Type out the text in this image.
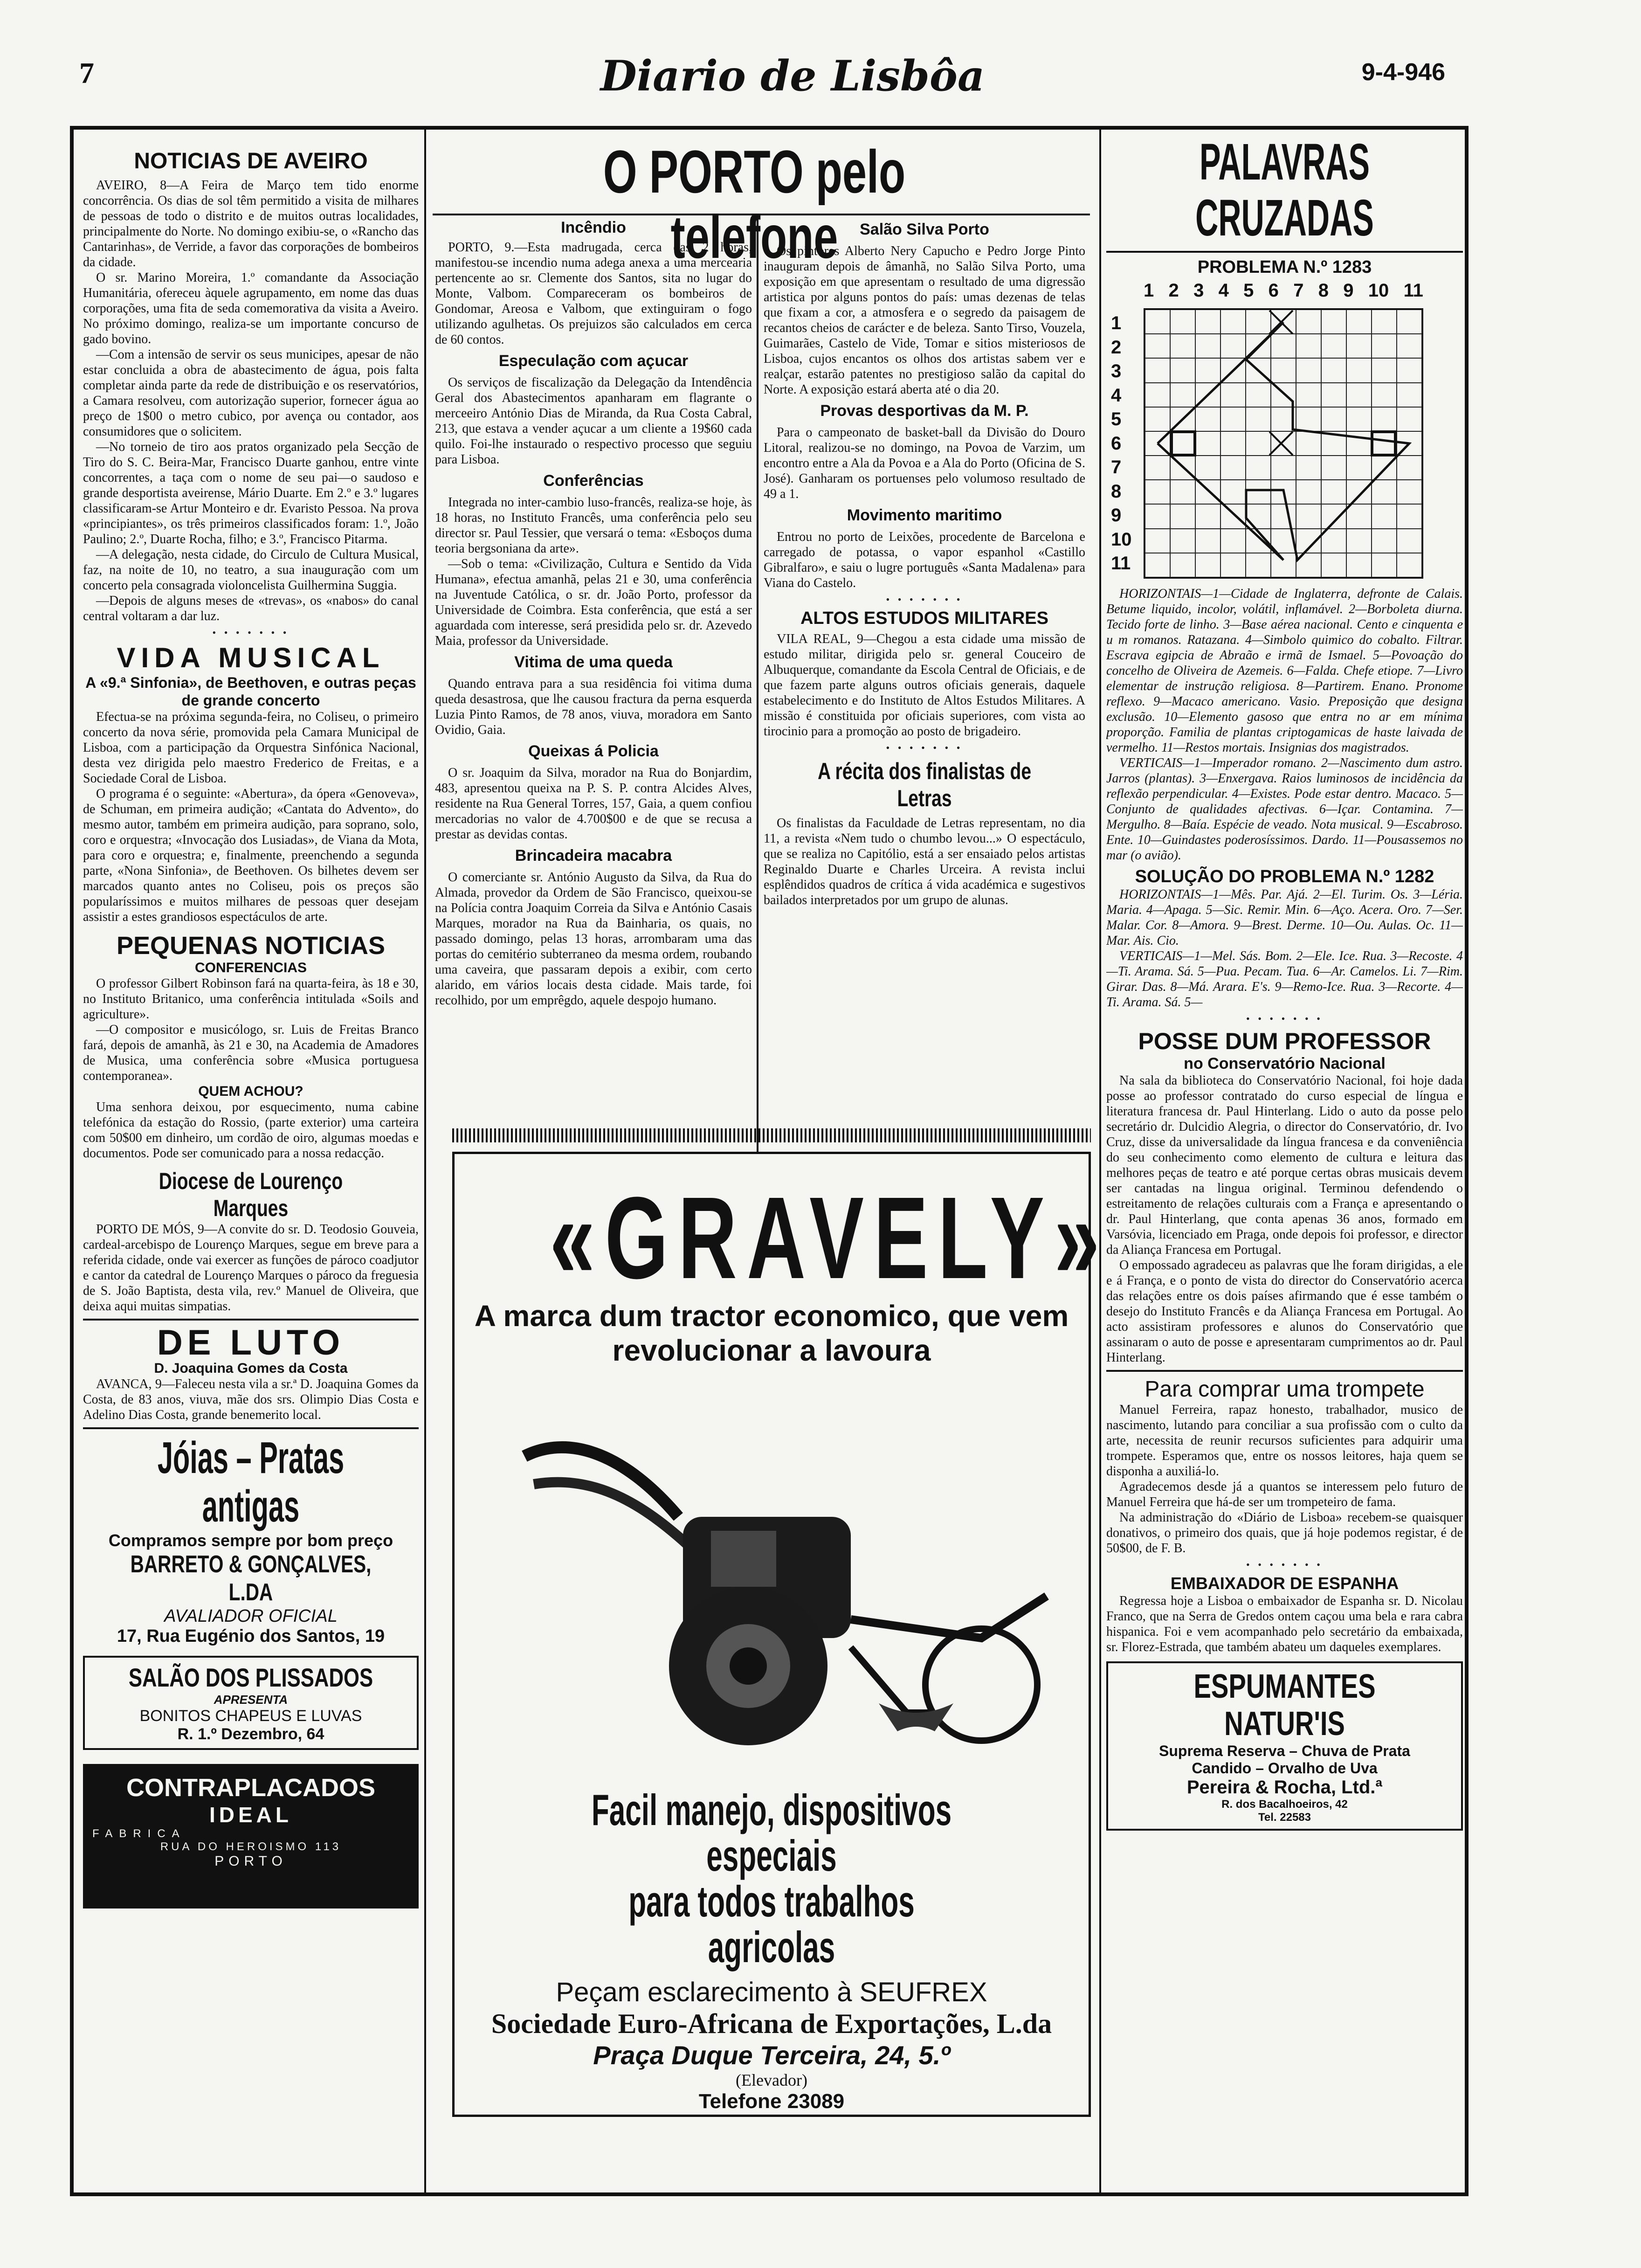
7	Diario de Lisbôa	9-4-946
NOTICIAS DE AVEIRO

AVEIRO, 8—A Feira de Março tem tido enorme concorrência. Os dias de sol têm permitido a visita de milhares de pessoas de todo o distrito e de muitos outras localidades, principalmente do Norte. No domingo exibiu-se, o «Rancho das Cantarinhas», de Verride, a favor das corporações de bombeiros da cidade.

O sr. Marino Moreira, 1.º comandante da Associação Humanitária, ofereceu àquele agrupamento, em nome das duas corporações, uma fita de seda comemorativa da visita a Aveiro. No próximo domingo, realiza-se um importante concurso de gado bovino.

—Com a intensão de servir os seus municipes, apesar de não estar concluida a obra de abastecimento de água, pois falta completar ainda parte da rede de distribuição e os reservatórios, a Camara resolveu, com autorização superior, fornecer água ao preço de 1$00 o metro cubico, por avença ou contador, aos consumidores que o solicitem.

—No torneio de tiro aos pratos organizado pela Secção de Tiro do S. C. Beira-Mar, Francisco Duarte ganhou, entre vinte concorrentes, a taça com o nome de seu pai—o saudoso e grande desportista aveirense, Mário Duarte. Em 2.º e 3.º lugares classificaram-se Artur Monteiro e dr. Evaristo Pessoa. Na prova «principiantes», os três primeiros classificados foram: 1.º, João Paulino; 2.º, Duarte Rocha, filho; e 3.º, Francisco Pitarma.

—A delegação, nesta cidade, do Circulo de Cultura Musical, faz, na noite de 10, no teatro, a sua inauguração com um concerto pela consagrada violoncelista Guilhermina Suggia.

—Depois de alguns meses de «trevas», os «nabos» do canal central voltaram a dar luz.

• • • • • • •
VIDA MUSICAL
A «9.ª Sinfonia», de Beethoven, e outras peças de grande concerto

Efectua-se na próxima segunda-feira, no Coliseu, o primeiro concerto da nova série, promovida pela Camara Municipal de Lisboa, com a participação da Orquestra Sinfónica Nacional, desta vez dirigida pelo maestro Frederico de Freitas, e a Sociedade Coral de Lisboa.

O programa é o seguinte: «Abertura», da ópera «Genoveva», de Schuman, em primeira audição; «Cantata do Advento», do mesmo autor, também em primeira audição, para soprano, solo, coro e orquestra; «Invocação dos Lusiadas», de Viana da Mota, para coro e orquestra; e, finalmente, preenchendo a segunda parte, «Nona Sinfonia», de Beethoven. Os bilhetes devem ser marcados quanto antes no Coliseu, pois os preços são popularíssimos e muitos milhares de pessoas quer desejam assistir a estes grandiosos espectáculos de arte.

PEQUENAS NOTICIAS
CONFERENCIAS

O professor Gilbert Robinson fará na quarta-feira, às 18 e 30, no Instituto Britanico, uma conferência intitulada «Soils and agriculture».

—O compositor e musicólogo, sr. Luis de Freitas Branco fará, depois de amanhã, às 21 e 30, na Academia de Amadores de Musica, uma conferência sobre «Musica portuguesa contemporanea».

QUEM ACHOU?

Uma senhora deixou, por esquecimento, numa cabine telefónica da estação do Rossio, (parte exterior) uma carteira com 50$00 em dinheiro, um cordão de oiro, algumas moedas e documentos. Pode ser comunicado para a nossa redacção.

Diocese de Lourenço Marques

PORTO DE MÓS, 9—A convite do sr. D. Teodosio Gouveia, cardeal-arcebispo de Lourenço Marques, segue em breve para a referida cidade, onde vai exercer as funções de pároco coadjutor e cantor da catedral de Lourenço Marques o pároco da freguesia de S. João Baptista, desta vila, rev.º Manuel de Oliveira, que deixa aqui muitas simpatias.

DE LUTO
D. Joaquina Gomes da Costa

AVANCA, 9—Faleceu nesta vila a sr.ª D. Joaquina Gomes da Costa, de 83 anos, viuva, mãe dos srs. Olimpio Dias Costa e Adelino Dias Costa, grande benemerito local.

Jóias – Pratas antigas
Compramos sempre por bom preço
BARRETO & GONÇALVES, L.DA
AVALIADOR OFICIAL
17, Rua Eugénio dos Santos, 19
SALÃO DOS PLISSADOS
APRESENTA
BONITOS CHAPEUS E LUVAS
R. 1.º Dezembro, 64
CONTRAPLACADOS
IDEAL
FABRICA
RUA DO HEROISMO 113
PORTO
O PORTO pelo telefone
Incêndio

PORTO, 9.—Esta madrugada, cerca das 2 horas, manifestou-se incendio numa adega anexa a uma mercearia pertencente ao sr. Clemente dos Santos, sita no lugar do Monte, Valbom. Compareceram os bombeiros de Gondomar, Areosa e Valbom, que extinguiram o fogo utilizando agulhetas. Os prejuizos são calculados em cerca de 60 contos.

Especulação com açucar

Os serviços de fiscalização da Delegação da Intendência Geral dos Abastecimentos apanharam em flagrante o merceeiro António Dias de Miranda, da Rua Costa Cabral, 213, que estava a vender açucar a um cliente a 19$60 cada quilo. Foi-lhe instaurado o respectivo processo que seguiu para Lisboa.

Conferências

Integrada no inter-cambio luso-francês, realiza-se hoje, às 18 horas, no Instituto Francês, uma conferência pelo seu director sr. Paul Tessier, que versará o tema: «Esboços duma teoria bergsoniana da arte».

—Sob o tema: «Civilização, Cultura e Sentido da Vida Humana», efectua amanhã, pelas 21 e 30, uma conferência na Juventude Católica, o sr. dr. João Porto, professor da Universidade de Coimbra. Esta conferência, que está a ser aguardada com interesse, será presidida pelo sr. dr. Azevedo Maia, professor da Universidade.

Vitima de uma queda

Quando entrava para a sua residência foi vitima duma queda desastrosa, que lhe causou fractura da perna esquerda Luzia Pinto Ramos, de 78 anos, viuva, moradora em Santo Ovidio, Gaia.

Queixas á Policia

O sr. Joaquim da Silva, morador na Rua do Bonjardim, 483, apresentou queixa na P. S. P. contra Alcides Alves, residente na Rua General Torres, 157, Gaia, a quem confiou mercadorias no valor de 4.700$00 e de que se recusa a prestar as devidas contas.

Brincadeira macabra

O comerciante sr. António Augusto da Silva, da Rua do Almada, provedor da Ordem de São Francisco, queixou-se na Polícia contra Joaquim Correia da Silva e António Casais Marques, morador na Rua da Bainharia, os quais, no passado domingo, pelas 13 horas, arrombaram uma das portas do cemitério subterraneo da mesma ordem, roubando uma caveira, que passaram depois a exibir, com certo alarido, em vários locais desta cidade. Mais tarde, foi recolhido, por um emprêgdo, aquele despojo humano.

Salão Silva Porto

Os pintores Alberto Nery Capucho e Pedro Jorge Pinto inauguram depois de âmanhã, no Salão Silva Porto, uma exposição em que apresentam o resultado de uma digressão artistica por alguns pontos do país: umas dezenas de telas que fixam a cor, a atmosfera e o segredo da paisagem de recantos cheios de carácter e de beleza. Santo Tirso, Vouzela, Guimarães, Castelo de Vide, Tomar e sitios misteriosos de Lisboa, cujos encantos os olhos dos artistas sabem ver e realçar, estarão patentes no prestigioso salão da capital do Norte. A exposição estará aberta até o dia 20.

Provas desportivas da M. P.

Para o campeonato de basket-ball da Divisão do Douro Litoral, realizou-se no domingo, na Povoa de Varzim, um encontro entre a Ala da Povoa e a Ala do Porto (Oficina de S. José). Ganharam os portuenses pelo volumoso resultado de 49 a 1.

Movimento maritimo

Entrou no porto de Leixões, procedente de Barcelona e carregado de potassa, o vapor espanhol «Castillo Gibralfaro», e saiu o lugre português «Santa Madalena» para Viana do Castelo.

• • • • • • •
ALTOS ESTUDOS MILITARES

VILA REAL, 9—Chegou a esta cidade uma missão de estudo militar, dirigida pelo sr. general Couceiro de Albuquerque, comandante da Escola Central de Oficiais, e de que fazem parte alguns outros oficiais generais, daquele estabelecimento e do Instituto de Altos Estudos Militares. A missão é constituida por oficiais superiores, com vista ao tirocinio para a promoção ao posto de brigadeiro.

• • • • • • •
A récita dos finalistas de Letras

Os finalistas da Faculdade de Letras representam, no dia 11, a revista «Nem tudo o chumbo levou...» O espectáculo, que se realiza no Capitólio, está a ser ensaiado pelos artistas Reginaldo Duarte e Charles Urceira. A revista inclui esplêndidos quadros de crítica á vida académica e sugestivos bailados interpretados por um grupo de alunas.

PALAVRAS CRUZADAS
PROBLEMA N.º 1283
1 2 3 4 5 6 7 8 9 10 11
1
2
3
4
5
6
7
8
9
10
11

HORIZONTAIS—1—Cidade de Inglaterra, defronte de Calais. Betume liquido, incolor, volátil, inflamável. 2—Borboleta diurna. Tecido forte de linho. 3—Base aérea nacional. Cento e cinquenta e u m romanos. Ratazana. 4—Simbolo quimico do cobalto. Filtrar. Escrava egipcia de Abraão e irmã de Ismael. 5—Povoação do concelho de Oliveira de Azemeis. 6—Falda. Chefe etiope. 7—Livro elementar de instrução religiosa. 8—Partirem. Enano. Pronome reflexo. 9—Macaco americano. Vasio. Preposição que designa exclusão. 10—Elemento gasoso que entra no ar em mínima proporção. Familia de plantas criptogamicas de haste laivada de vermelho. 11—Restos mortais. Insignias dos magistrados.

VERTICAIS—1—Imperador romano. 2—Nascimento dum astro. Jarros (plantas). 3—Enxergava. Raios luminosos de incidência da reflexão perpendicular. 4—Existes. Pode estar dentro. Macaco. 5—Conjunto de qualidades afectivas. 6—Içar. Contamina. 7—Mergulho. 8—Baía. Espécie de veado. Nota musical. 9—Escabroso. Ente. 10—Guindastes poderosíssimos. Dardo. 11—Pousassemos no mar (o avião).

SOLUÇÃO DO PROBLEMA N.º 1282

HORIZONTAIS—1—Mês. Par. Ajá. 2—El. Turim. Os. 3—Léria. Maria. 4—Apaga. 5—Sic. Remir. Min. 6—Aço. Acera. Oro. 7—Ser. Malar. Cor. 8—Amora. 9—Brest. Derme. 10—Ou. Aulas. Oc. 11—Mar. Ais. Cio.

VERTICAIS—1—Mel. Sás. Bom. 2—Ele. Ice. Rua. 3—Recoste. 4—Ti. Arama. Sá. 5—Pua. Pecam. Tua. 6—Ar. Camelos. Li. 7—Rim. Girar. Das. 8—Má. Arara. E's. 9—Remo-Ice. Rua. 3—Recorte. 4—Ti. Arama. Sá. 5—

• • • • • • •
POSSE DUM PROFESSOR
no Conservatório Nacional

Na sala da biblioteca do Conservatório Nacional, foi hoje dada posse ao professor contratado do curso especial de língua e literatura francesa dr. Paul Hinterlang. Lido o auto da posse pelo secretário dr. Dulcidio Alegria, o director do Conservatório, dr. Ivo Cruz, disse da universalidade da língua francesa e da conveniência do seu conhecimento como elemento de cultura e leitura das melhores peças de teatro e até porque certas obras musicais devem ser cantadas na lingua original. Terminou defendendo o estreitamento de relações culturais com a França e apresentando o dr. Paul Hinterlang, que conta apenas 36 anos, formado em Varsóvia, licenciado em Praga, onde depois foi professor, e director da Aliança Francesa em Portugal.

O empossado agradeceu as palavras que lhe foram dirigidas, a ele e á França, e o ponto de vista do director do Conservatório acerca das relações entre os dois países afirmando que é esse também o desejo do Instituto Francês e da Aliança Francesa em Portugal. Ao acto assistiram professores e alunos do Conservatório que assinaram o auto de posse e apresentaram cumprimentos ao dr. Paul Hinterlang.

Para comprar uma trompete

Manuel Ferreira, rapaz honesto, trabalhador, musico de nascimento, lutando para conciliar a sua profissão com o culto da arte, necessita de reunir recursos suficientes para adquirir uma trompete. Esperamos que, entre os nossos leitores, haja quem se disponha a auxiliá-lo.

Agradecemos desde já a quantos se interessem pelo futuro de Manuel Ferreira que há-de ser um trompeteiro de fama.

Na administração do «Diário de Lisboa» recebem-se quaisquer donativos, o primeiro dos quais, que já hoje podemos registar, é de 50$00, de F. B.

• • • • • • •
EMBAIXADOR DE ESPANHA

Regressa hoje a Lisboa o embaixador de Espanha sr. D. Nicolau Franco, que na Serra de Gredos ontem caçou uma bela e rara cabra hispanica. Foi e vem acompanhado pelo secretário da embaixada, sr. Florez-Estrada, que também abateu um daqueles exemplares.

ESPUMANTES NATUR'IS
Suprema Reserva – Chuva de Prata
Candido – Orvalho de Uva
Pereira & Rocha, Ltd.ª
R. dos Bacalhoeiros, 42
Tel. 22583
«GRAVELY»
A marca dum tractor economico, que vem revolucionar a lavoura
Facil manejo, dispositivos especiais
para todos trabalhos agricolas
Peçam esclarecimento à SEUFREX
Sociedade Euro-Africana de Exportações, L.da
Praça Duque Terceira, 24, 5.º
(Elevador)
Telefone 23089
